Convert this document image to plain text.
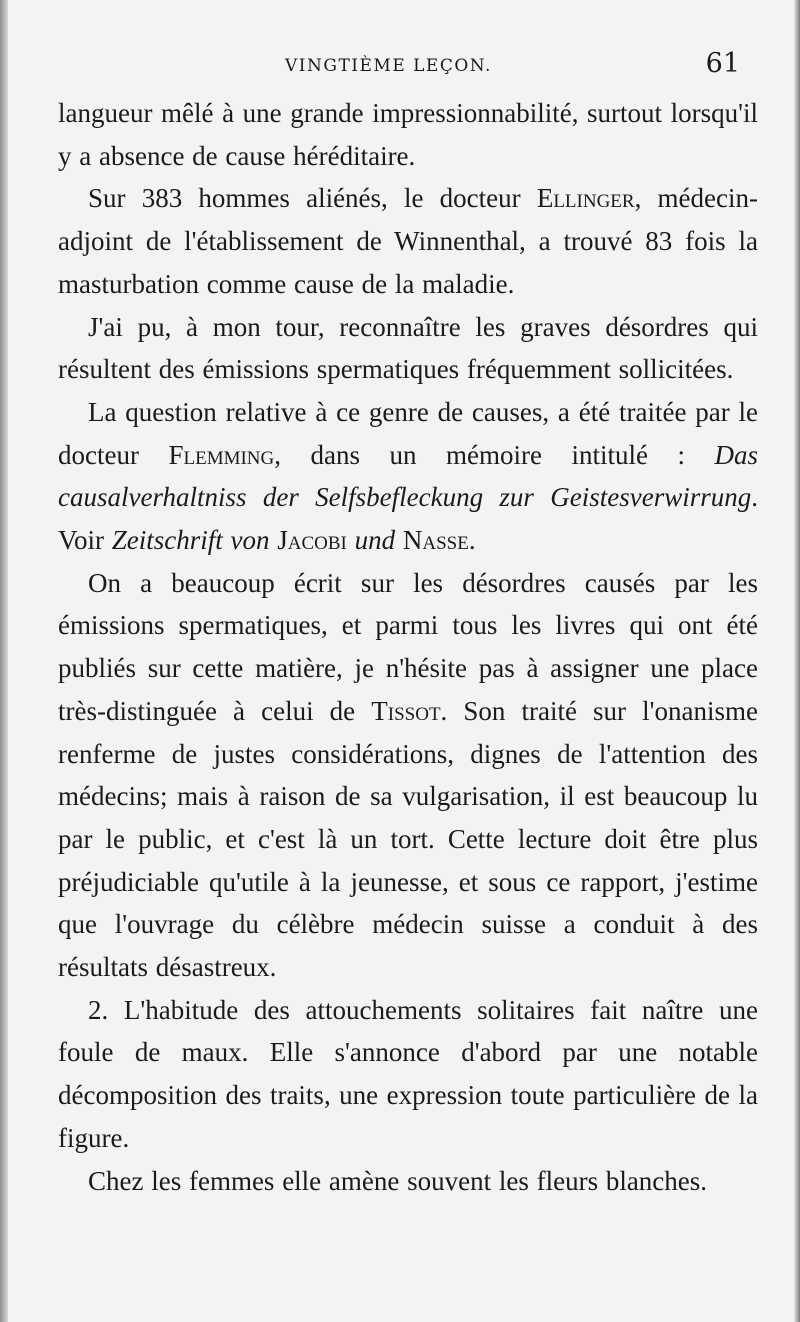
VINGTIÈME LEÇON.	61

langueur mêlé à une grande impressionnabilité, surtout lorsqu'il y a absence de cause héréditaire.

Sur 383 hommes aliénés, le docteur Ellinger, médecin-adjoint de l'établissement de Winnenthal, a trouvé 83 fois la masturbation comme cause de la maladie.

J'ai pu, à mon tour, reconnaître les graves désordres qui résultent des émissions spermatiques fréquemment sollicitées.

La question relative à ce genre de causes, a été traitée par le docteur Flemming, dans un mémoire intitulé : Das causalverhaltniss der Selfsbefleckung zur Geistesverwirrung. Voir Zeitschrift von Jacobi und Nasse.

On a beaucoup écrit sur les désordres causés par les émissions spermatiques, et parmi tous les livres qui ont été publiés sur cette matière, je n'hésite pas à assigner une place très-distinguée à celui de Tissot. Son traité sur l'onanisme renferme de justes considérations, dignes de l'attention des médecins; mais à raison de sa vulgarisation, il est beaucoup lu par le public, et c'est là un tort. Cette lecture doit être plus préjudiciable qu'utile à la jeunesse, et sous ce rapport, j'estime que l'ouvrage du célèbre médecin suisse a conduit à des résultats désastreux.

2. L'habitude des attouchements solitaires fait naître une foule de maux. Elle s'annonce d'abord par une notable décomposition des traits, une expression toute particulière de la figure.

Chez les femmes elle amène souvent les fleurs blanches.
